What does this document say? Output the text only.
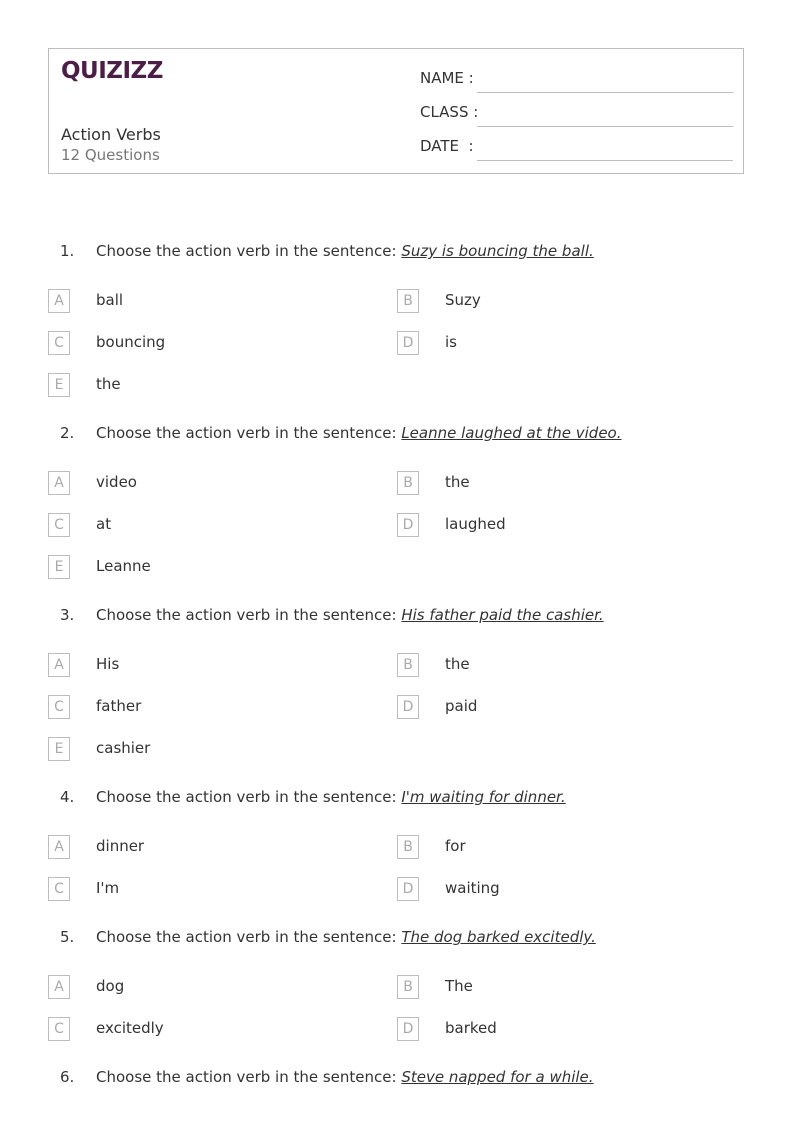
QUIZIZZ
Action Verbs
12 Questions
NAME :
CLASS :
DATE  :
1. Choose the action verb in the sentence: Suzy is bouncing the ball.
A	ball	B	Suzy
C	bouncing	D	is
E	the
2. Choose the action verb in the sentence: Leanne laughed at the video.
A	video	B	the
C	at	D	laughed
E	Leanne
3. Choose the action verb in the sentence: His father paid the cashier.
A	His	B	the
C	father	D	paid
E	cashier
4. Choose the action verb in the sentence: I'm waiting for dinner.
A	dinner	B	for
C	I'm	D	waiting
5. Choose the action verb in the sentence: The dog barked excitedly.
A	dog	B	The
C	excitedly	D	barked
6. Choose the action verb in the sentence: Steve napped for a while.
